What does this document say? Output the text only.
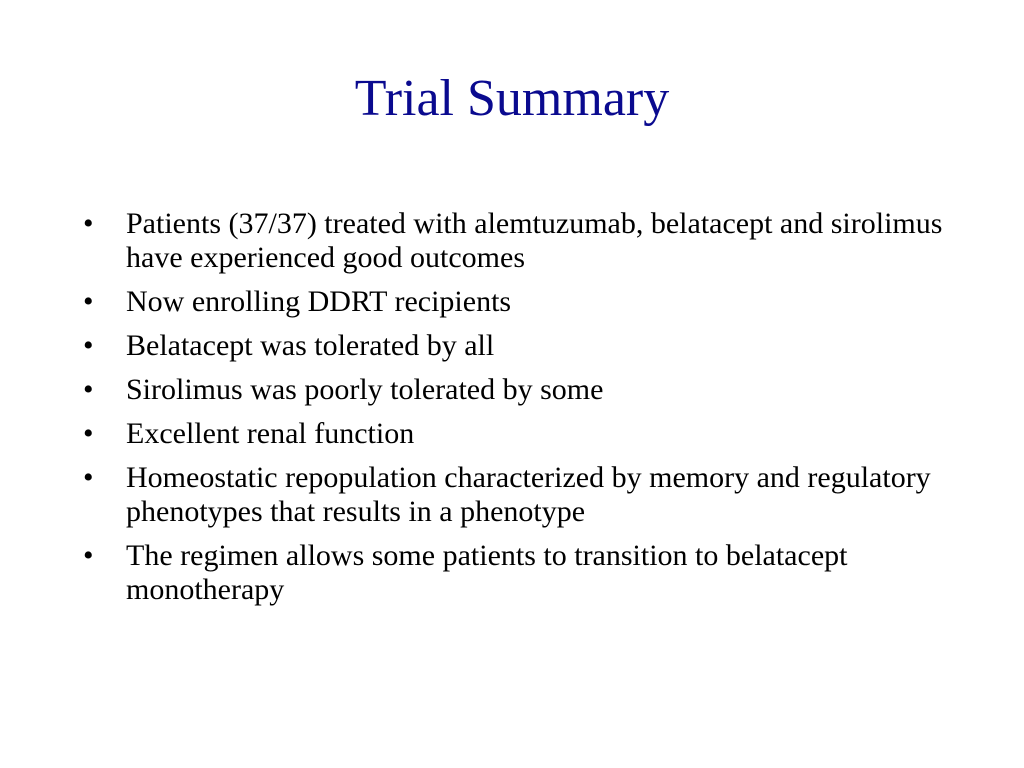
Trial Summary
•	Patients (37/37) treated with alemtuzumab, belatacept and sirolimus have experienced good outcomes
•	Now enrolling DDRT recipients
•	Belatacept was tolerated by all
•	Sirolimus was poorly tolerated by some
•	Excellent renal function
•	Homeostatic repopulation characterized by memory and regulatory phenotypes that results in a phenotype
•	The regimen allows some patients to transition to belatacept monotherapy
